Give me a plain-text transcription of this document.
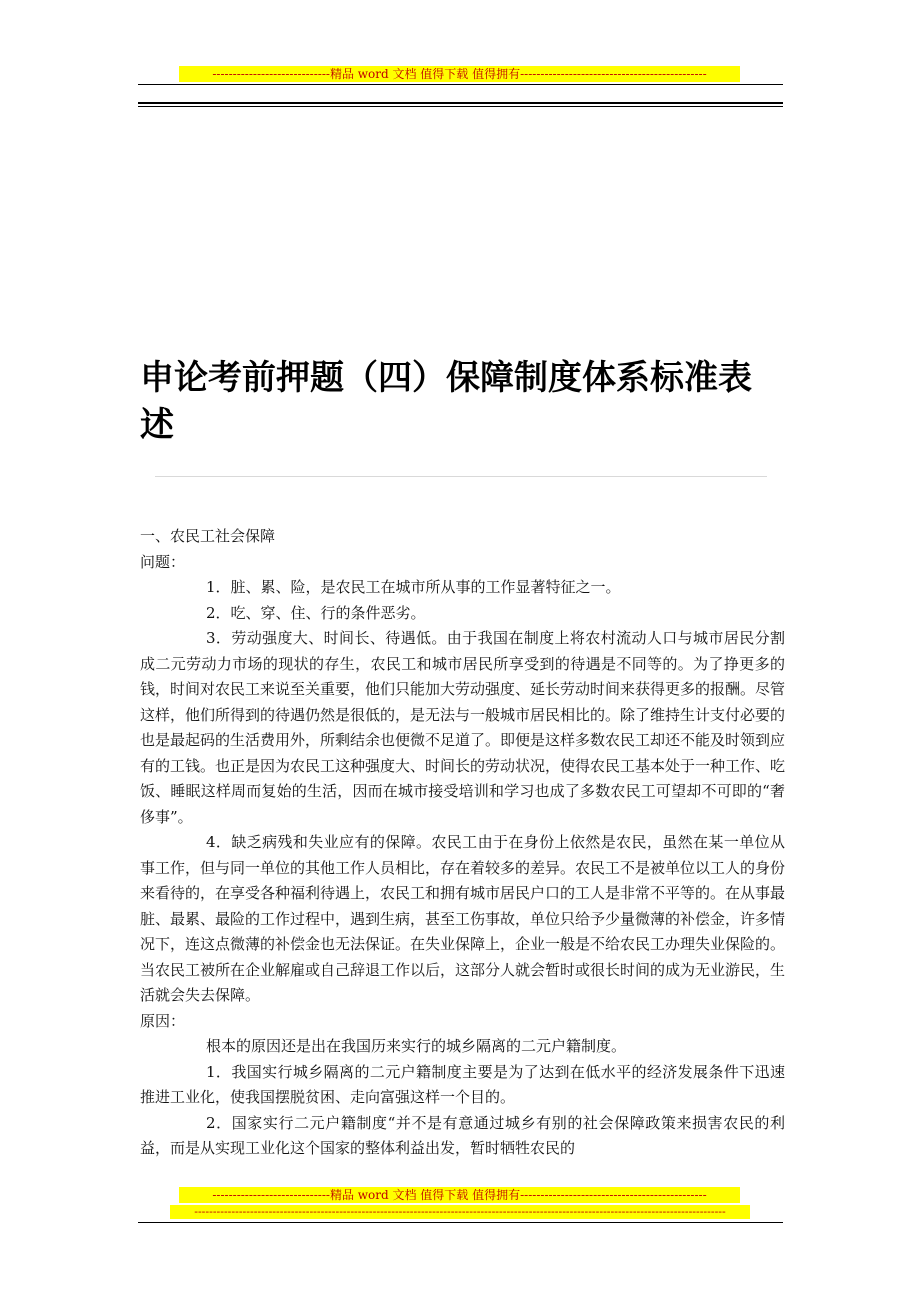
-----------------------------精品 word 文档 值得下载 值得拥有----------------------------------------------
申论考前押题（四）保障制度体系标准表述

一、农民工社会保障

问题：

1．脏、累、险，是农民工在城市所从事的工作显著特征之一。

2．吃、穿、住、行的条件恶劣。

3．劳动强度大、时间长、待遇低。由于我国在制度上将农村流动人口与城市居民分割成二元劳动力市场的现状的存生，农民工和城市居民所享受到的待遇是不同等的。为了挣更多的钱，时间对农民工来说至关重要，他们只能加大劳动强度、延长劳动时间来获得更多的报酬。尽管这样，他们所得到的待遇仍然是很低的，是无法与一般城市居民相比的。除了维持生计支付必要的也是最起码的生活费用外，所剩结余也便微不足道了。即便是这样多数农民工却还不能及时领到应有的工钱。也正是因为农民工这种强度大、时间长的劳动状况，使得农民工基本处于一种工作、吃饭、睡眠这样周而复始的生活，因而在城市接受培训和学习也成了多数农民工可望却不可即的“奢侈事”。

4．缺乏病残和失业应有的保障。农民工由于在身份上依然是农民，虽然在某一单位从事工作，但与同一单位的其他工作人员相比，存在着较多的差异。农民工不是被单位以工人的身份来看待的，在享受各种福利待遇上，农民工和拥有城市居民户口的工人是非常不平等的。在从事最脏、最累、最险的工作过程中，遇到生病，甚至工伤事故，单位只给予少量微薄的补偿金，许多情况下，连这点微薄的补偿金也无法保证。在失业保障上，企业一般是不给农民工办理失业保险的。当农民工被所在企业解雇或自己辞退工作以后，这部分人就会暂时或很长时间的成为无业游民，生活就会失去保障。

原因：

根本的原因还是出在我国历来实行的城乡隔离的二元户籍制度。

1．我国实行城乡隔离的二元户籍制度主要是为了达到在低水平的经济发展条件下迅速推进工业化，使我国摆脱贫困、走向富强这样一个目的。

2．国家实行二元户籍制度“并不是有意通过城乡有别的社会保障政策来损害农民的利益，而是从实现工业化这个国家的整体利益出发，暂时牺牲农民的

-----------------------------精品 word 文档 值得下载 值得拥有----------------------------------------------
-----------------------------------------------------------------------------------------------------------------------------------------------
